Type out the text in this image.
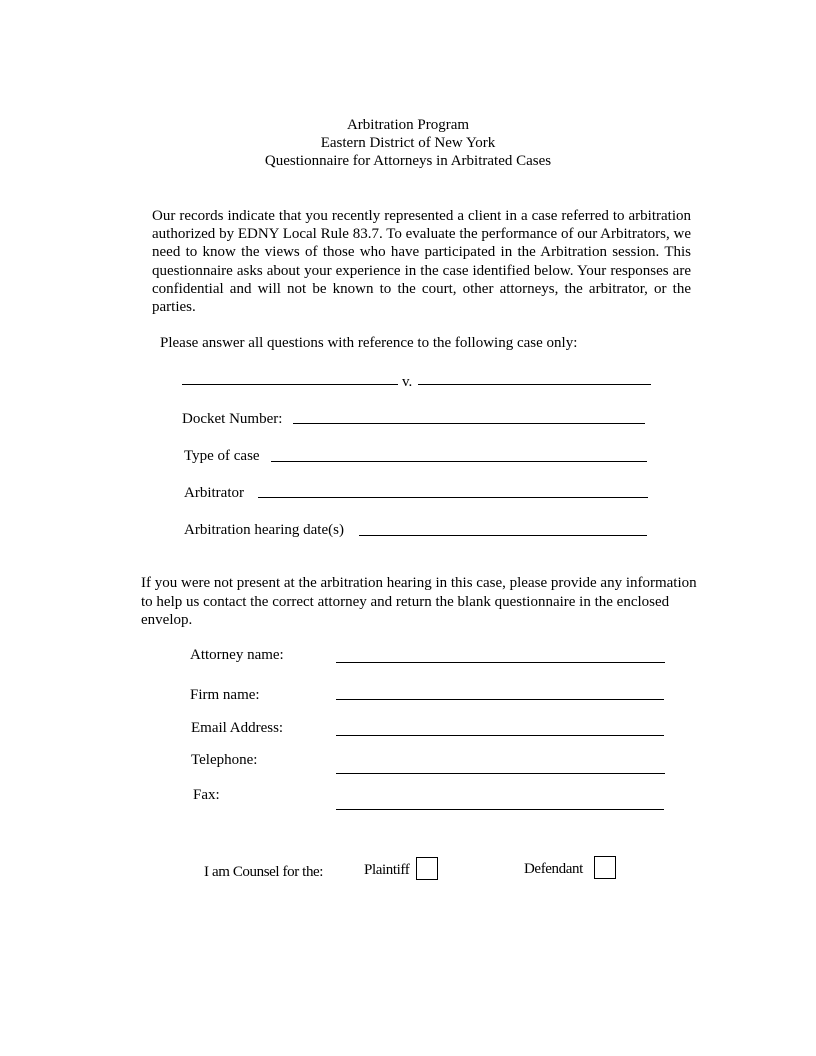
Arbitration Program
Eastern District of New York
Questionnaire for Attorneys in Arbitrated Cases
Our records indicate that you recently represented a client in a case referred to arbitration authorized by EDNY Local Rule 83.7. To evaluate the performance of our Arbitrators, we need to know the views of those who have participated in the Arbitration session. This questionnaire asks about your experience in the case identified below. Your responses are confidential and will not be known to the court, other attorneys, the arbitrator, or the parties.
Please answer all questions with reference to the following case only:
v.
Docket Number:
Type of case
Arbitrator
Arbitration hearing date(s)
If you were not present at the arbitration hearing in this case, please provide any information to help us contact the correct attorney and return the blank questionnaire in the enclosed envelop.
Attorney name:
Firm name:
Email Address:
Telephone:
Fax:
I am Counsel for the:	Plaintiff	Defendant
